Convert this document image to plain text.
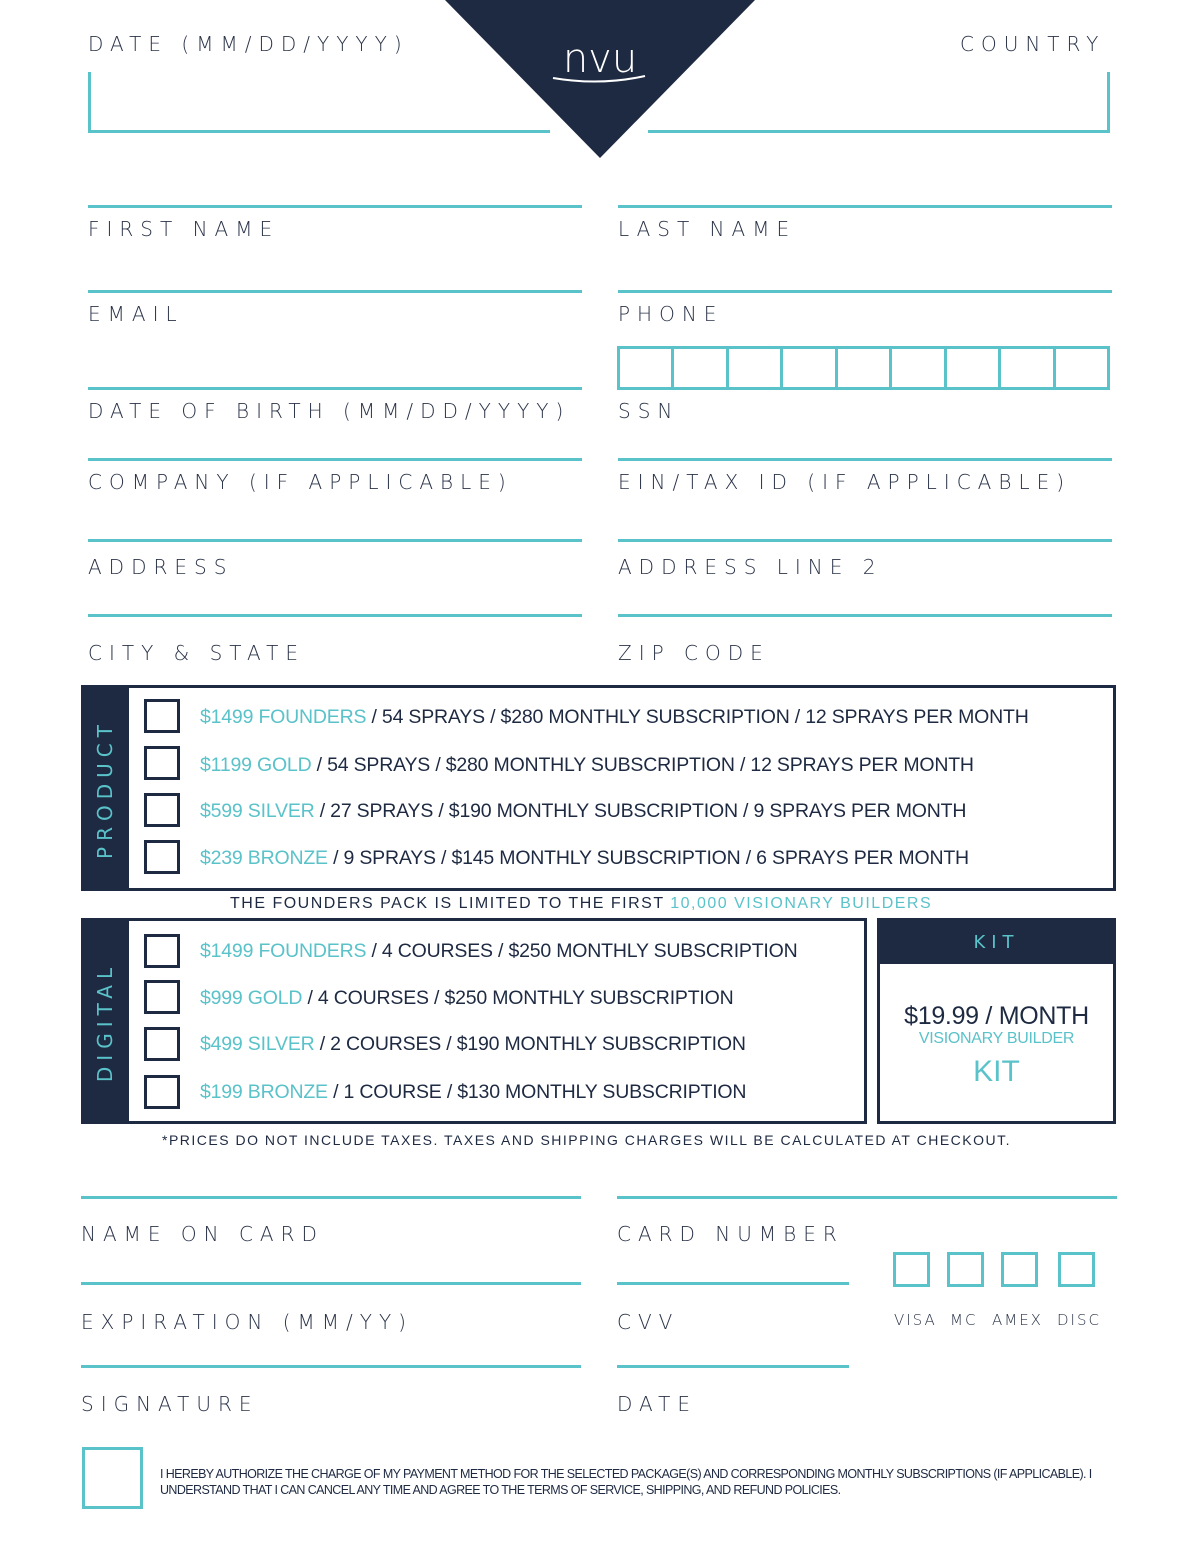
DATE (MM/DD/YYYY)	COUNTRY
nvu
FIRST NAME	LAST NAME
EMAIL	PHONE
DATE OF BIRTH (MM/DD/YYYY) SSN
COMPANY (IF APPLICABLE)	EIN/TAX ID (IF APPLICABLE)
ADDRESS	ADDRESS LINE 2
CITY & STATE	ZIP CODE
PRODUCT
$1499 FOUNDERS / 54 SPRAYS / $280 MONTHLY SUBSCRIPTION / 12 SPRAYS PER MONTH
$1199 GOLD / 54 SPRAYS / $280 MONTHLY SUBSCRIPTION / 12 SPRAYS PER MONTH
$599 SILVER / 27 SPRAYS / $190 MONTHLY SUBSCRIPTION / 9 SPRAYS PER MONTH
$239 BRONZE / 9 SPRAYS / $145 MONTHLY SUBSCRIPTION / 6 SPRAYS PER MONTH
THE FOUNDERS PACK IS LIMITED TO THE FIRST 10,000 VISIONARY BUILDERS
DIGITAL
$1499 FOUNDERS / 4 COURSES / $250 MONTHLY SUBSCRIPTION
$999 GOLD / 4 COURSES / $250 MONTHLY SUBSCRIPTION
$499 SILVER / 2 COURSES / $190 MONTHLY SUBSCRIPTION
$199 BRONZE / 1 COURSE / $130 MONTHLY SUBSCRIPTION
KIT
$19.99 / MONTH
VISIONARY BUILDER
KIT
*PRICES DO NOT INCLUDE TAXES. TAXES AND SHIPPING CHARGES WILL BE CALCULATED AT CHECKOUT.
NAME ON CARD	CARD NUMBER
EXPIRATION (MM/YY)	CVV	VISA MC AMEX DISC
SIGNATURE	DATE
I HEREBY AUTHORIZE THE CHARGE OF MY PAYMENT METHOD FOR THE SELECTED PACKAGE(S) AND CORRESPONDING MONTHLY SUBSCRIPTIONS (IF APPLICABLE). I UNDERSTAND THAT I CAN CANCEL ANY TIME AND AGREE TO THE TERMS OF SERVICE, SHIPPING, AND REFUND POLICIES.
